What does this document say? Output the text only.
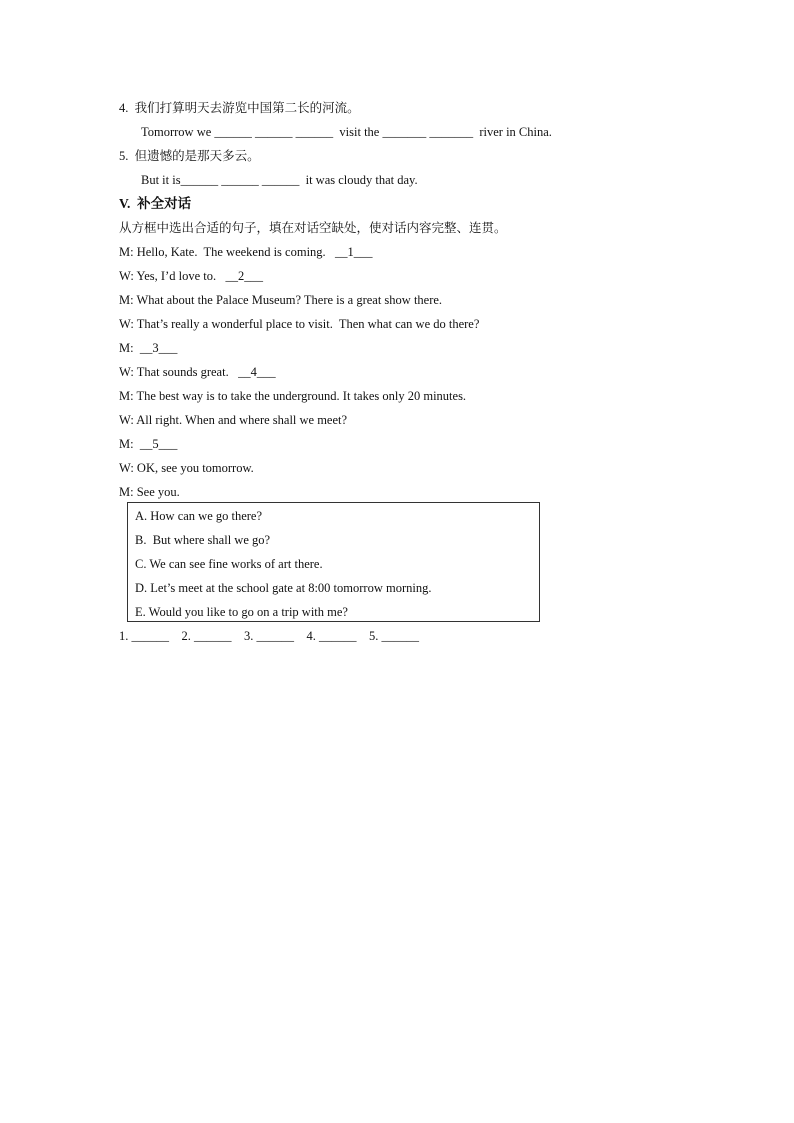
4.  我们打算明天去游览中国第二长的河流。
Tomorrow we ______ ______ ______  visit the _______ _______  river in China.
5.  但遗憾的是那天多云。
But it is______ ______ ______  it was cloudy that day.
V.  补全对话
从方框中选出合适的句子，填在对话空缺处，使对话内容完整、连贯。
M: Hello, Kate.  The weekend is coming.   __1___
W: Yes, I’d love to.   __2___
M: What about the Palace Museum? There is a great show there.
W: That’s really a wonderful place to visit.  Then what can we do there?
M:  __3___
W: That sounds great.   __4___
M: The best way is to take the underground. It takes only 20 minutes.
W: All right. When and where shall we meet?
M:  __5___
W: OK, see you tomorrow.
M: See you.
A. How can we go there?
B.  But where shall we go?
C. We can see fine works of art there.
D. Let’s meet at the school gate at 8:00 tomorrow morning.
E. Would you like to go on a trip with me?
1. ______    2. ______    3. ______    4. ______    5. ______
